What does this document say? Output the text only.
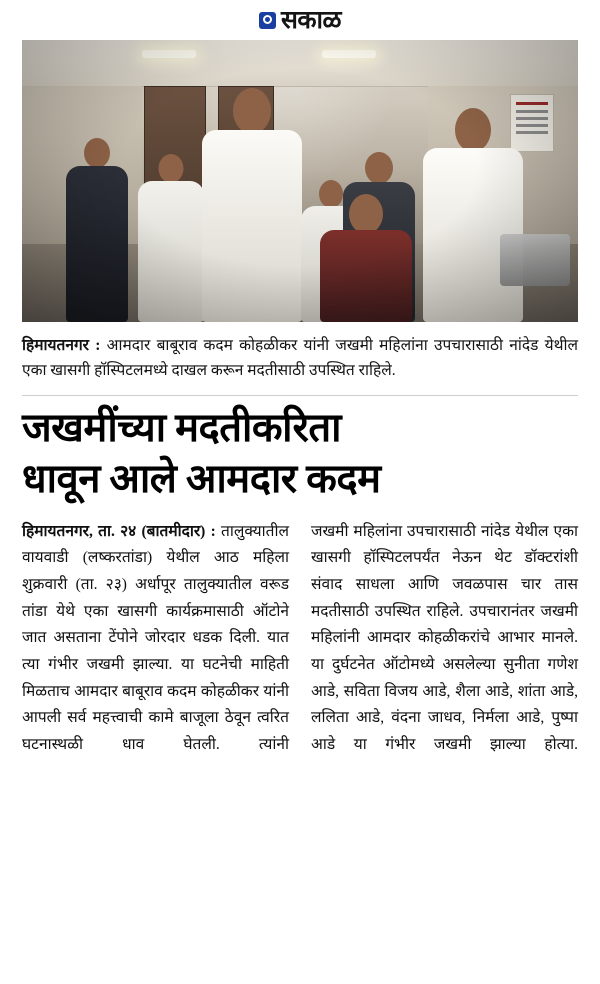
सकाळ
हिमायतनगर : आमदार बाबूराव कदम कोहळीकर यांनी जखमी महिलांना उपचारासाठी नांदेड येथील एका खासगी हॉस्पिटलमध्ये दाखल करून मदतीसाठी उपस्थित राहिले.
जखमींच्या मदतीकरिता
धावून आले आमदार कदम

हिमायतनगर, ता. २४ (बातमीदार) : तालुक्यातील वायवाडी (लष्करतांडा) येथील आठ महिला शुक्रवारी (ता. २३) अर्धापूर तालुक्यातील वरूड तांडा येथे एका खासगी कार्यक्रमासाठी ऑटोने जात असताना टेंपोने जोरदार धडक दिली. यात त्या गंभीर जखमी झाल्या. या घटनेची माहिती मिळताच आमदार बाबूराव कदम कोहळीकर यांनी आपली सर्व महत्त्वाची कामे बाजूला ठेवून त्वरित घटनास्थळी धाव घेतली. त्यांनी

जखमी महिलांना उपचारासाठी नांदेड येथील एका खासगी हॉस्पिटलपर्यंत नेऊन थेट डॉक्टरांशी संवाद साधला आणि जवळपास चार तास मदतीसाठी उपस्थित राहिले. उपचारानंतर जखमी महिलांनी आमदार कोहळीकरांचे आभार मानले. या दुर्घटनेत ऑटोमध्ये असलेल्या सुनीता गणेश आडे, सविता विजय आडे, शैला आडे, शांता आडे, ललिता आडे, वंदना जाधव, निर्मला आडे, पुष्पा आडे या गंभीर जखमी झाल्या होत्या.
